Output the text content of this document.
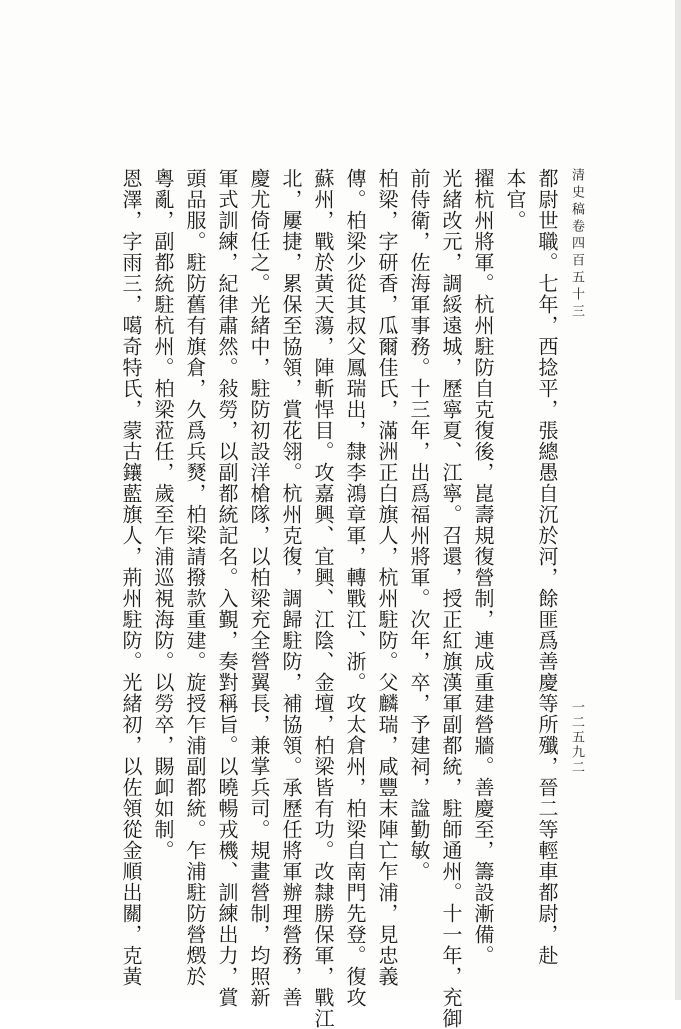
清史稿卷四百五十三
一二五九二
都尉世職。七年，西捻平，張總愚自沉於河，餘匪爲善慶等所殲，晉二等輕車都尉，赴
本官。
擢杭州將軍。杭州駐防自克復後，崑壽規復營制，連成重建營牆。善慶至，籌設漸備。
光緒改元，調綏遠城，歷寧夏、江寧。召還，授正紅旗漢軍副都統，駐師通州。十一年，充御
前侍衛，佐海軍事務。十三年，出爲福州將軍。次年，卒，予建祠，諡勤敏。
柏梁，字研香，瓜爾佳氏，滿洲正白旗人，杭州駐防。父麟瑞，咸豐末陣亡乍浦，見忠義
傳。柏梁少從其叔父鳳瑞出，隸李鴻章軍，轉戰江、浙。攻太倉州，柏梁自南門先登。復攻
蘇州，戰於黃天蕩，陣斬悍目。攻嘉興、宜興、江陰、金壇，柏梁皆有功。改隸勝保軍，戰江
北，屢捷，累保至協領，賞花翎。杭州克復，調歸駐防，補協領。承歷任將軍辦理營務，善
慶尤倚任之。光緒中，駐防初設洋槍隊，以柏梁充全營翼長，兼掌兵司。規畫營制，均照新
軍式訓練，紀律肅然。敍勞，以副都統記名。入覲，奏對稱旨。以曉暢戎機、訓練出力，賞
頭品服。駐防舊有旗倉，久爲兵燹，柏梁請撥款重建。旋授乍浦副都統。乍浦駐防營燬於
粵亂，副都統駐杭州。柏梁蒞任，歲至乍浦巡視海防。以勞卒，賜卹如制。
恩澤，字雨三，噶奇特氏，蒙古鑲藍旗人，荊州駐防。光緒初，以佐領從金順出關，克黃
